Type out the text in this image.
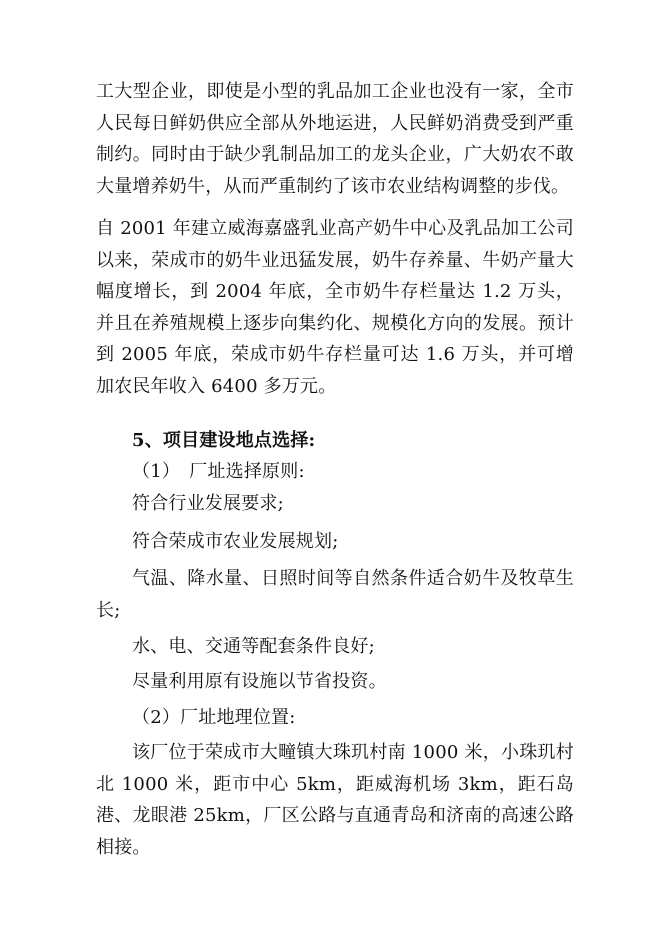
工大型企业，即使是小型的乳品加工企业也没有一家，全市人民每日鲜奶供应全部从外地运进，人民鲜奶消费受到严重制约。同时由于缺少乳制品加工的龙头企业，广大奶农不敢大量增养奶牛，从而严重制约了该市农业结构调整的步伐。

自 2001 年建立威海嘉盛乳业高产奶牛中心及乳品加工公司以来，荣成市的奶牛业迅猛发展，奶牛存养量、牛奶产量大幅度增长，到 2004 年底，全市奶牛存栏量达 1.2 万头，并且在养殖规模上逐步向集约化、规模化方向的发展。预计到 2005 年底，荣成市奶牛存栏量可达 1.6 万头，并可增加农民年收入 6400 多万元。

5、项目建设地点选择:

（1）　厂址选择原则:

符合行业发展要求;

符合荣成市农业发展规划;

气温、降水量、日照时间等自然条件适合奶牛及牧草生长;

水、电、交通等配套条件良好;

尽量利用原有设施以节省投资。

（2）厂址地理位置:

该厂位于荣成市大疃镇大珠玑村南 1000 米，小珠玑村北 1000 米，距市中心 5km，距威海机场 3km，距石岛港、龙眼港 25km，厂区公路与直通青岛和济南的高速公路相接。
